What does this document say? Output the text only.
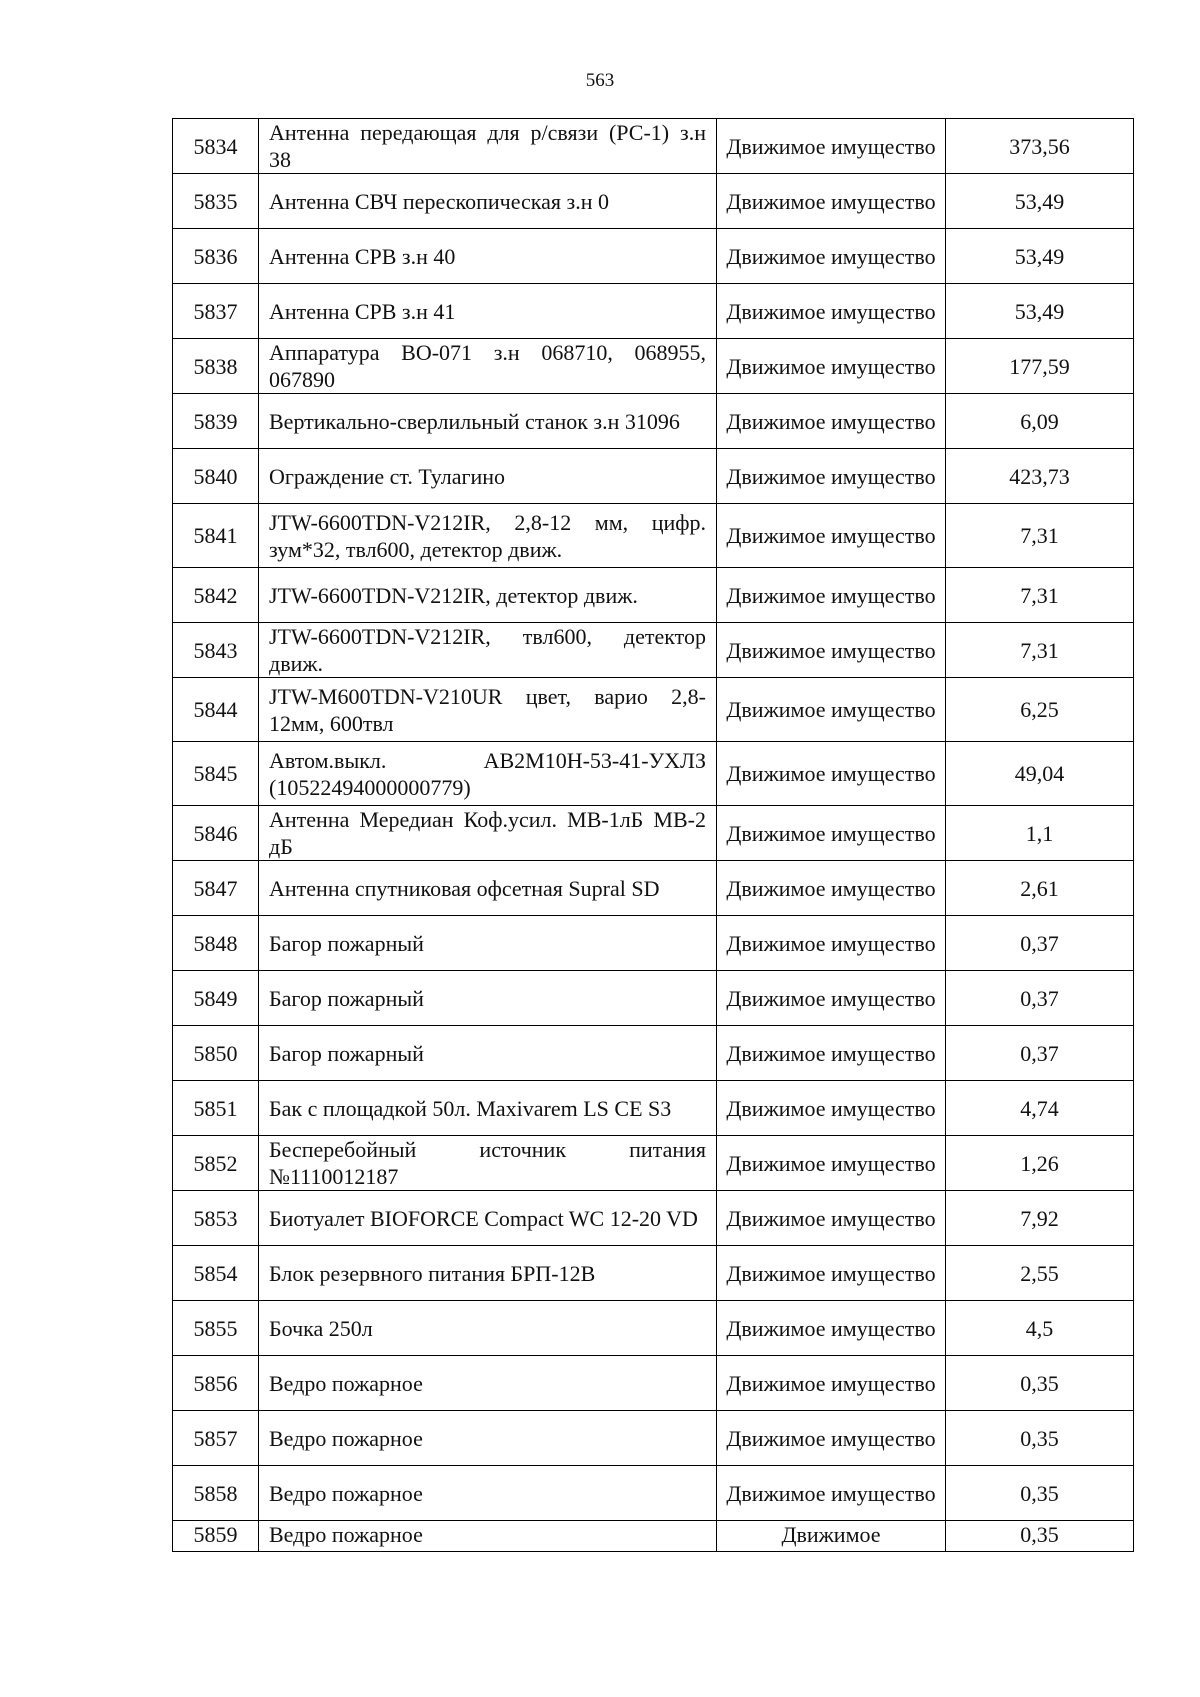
563
5834	Антенна передающая для р/связи (РС-1) з.н 38	Движимое имущество	373,56
5835	Антенна СВЧ перескопическая з.н 0	Движимое имущество	53,49
5836	Антенна СРВ з.н 40	Движимое имущество	53,49
5837	Антенна СРВ з.н 41	Движимое имущество	53,49
5838	Аппаратура ВО-071 з.н 068710, 068955, 067890	Движимое имущество	177,59
5839	Вертикально-сверлильный станок з.н 31096	Движимое имущество	6,09
5840	Ограждение ст. Тулагино	Движимое имущество	423,73
5841	JTW-6600TDN-V212IR, 2,8-12 мм, цифр. зум*32, твл600, детектор движ.	Движимое имущество	7,31
5842	JTW-6600TDN-V212IR, детектор движ.	Движимое имущество	7,31
5843	JTW-6600TDN-V212IR, твл600, детектор движ.	Движимое имущество	7,31
5844	JTW-M600TDN-V210UR цвет, варио 2,8-12мм, 600твл	Движимое имущество	6,25
5845	Автом.выкл. АВ2М10Н-53-41-УХЛЗ (10522494000000779)	Движимое имущество	49,04
5846	Антенна Мередиан Коф.усил. МВ-1лБ МВ-2 дБ	Движимое имущество	1,1
5847	Антенна спутниковая офсетная Supral SD	Движимое имущество	2,61
5848	Багор пожарный	Движимое имущество	0,37
5849	Багор пожарный	Движимое имущество	0,37
5850	Багор пожарный	Движимое имущество	0,37
5851	Бак с площадкой 50л. Maxivarem LS CE S3	Движимое имущество	4,74
5852	Бесперебойный источник питания №1110012187	Движимое имущество	1,26
5853	Биотуалет BIOFORCE Compact WC 12-20 VD	Движимое имущество	7,92
5854	Блок резервного питания БРП-12В	Движимое имущество	2,55
5855	Бочка 250л	Движимое имущество	4,5
5856	Ведро пожарное	Движимое имущество	0,35
5857	Ведро пожарное	Движимое имущество	0,35
5858	Ведро пожарное	Движимое имущество	0,35
5859	Ведро пожарное	Движимое	0,35
